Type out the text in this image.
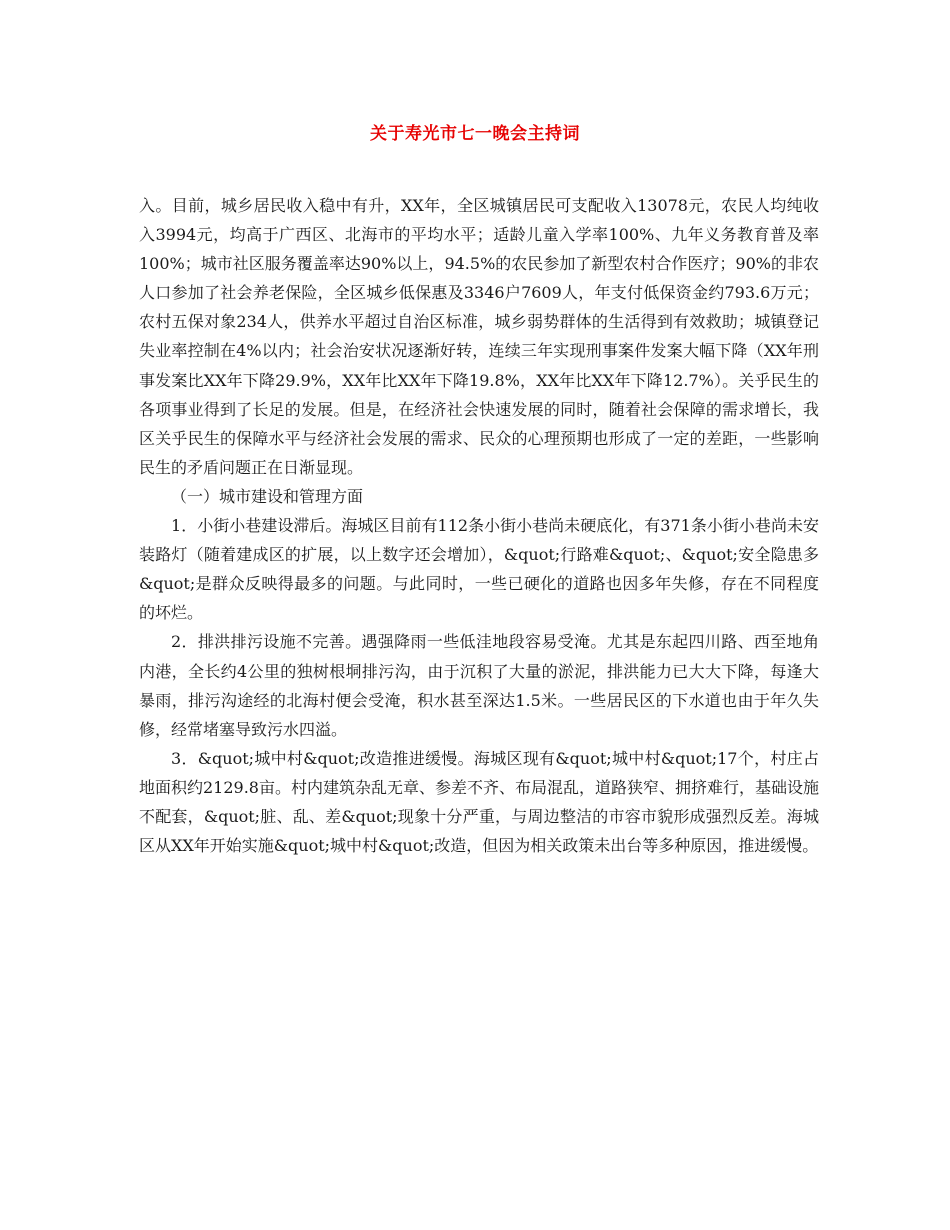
关于寿光市七一晚会主持词

入。目前，城乡居民收入稳中有升，XX年，全区城镇居民可支配收入13078元，农民人均纯收入3994元，均高于广西区、北海市的平均水平；适龄儿童入学率100%、九年义务教育普及率100%；城市社区服务覆盖率达90%以上，94.5%的农民参加了新型农村合作医疗；90%的非农人口参加了社会养老保险，全区城乡低保惠及3346户7609人，年支付低保资金约793.6万元；农村五保对象234人，供养水平超过自治区标准，城乡弱势群体的生活得到有效救助；城镇登记失业率控制在4%以内；社会治安状况逐渐好转，连续三年实现刑事案件发案大幅下降（XX年刑事发案比XX年下降29.9%，XX年比XX年下降19.8%，XX年比XX年下降12.7%）。关乎民生的各项事业得到了长足的发展。但是，在经济社会快速发展的同时，随着社会保障的需求增长，我区关乎民生的保障水平与经济社会发展的需求、民众的心理预期也形成了一定的差距，一些影响民生的矛盾问题正在日渐显现。

（一）城市建设和管理方面

1．小街小巷建设滞后。海城区目前有112条小街小巷尚未硬底化，有371条小街小巷尚未安装路灯（随着建成区的扩展，以上数字还会增加），&quot;行路难&quot;、&quot;安全隐患多&quot;是群众反映得最多的问题。与此同时，一些已硬化的道路也因多年失修，存在不同程度的坏烂。

2．排洪排污设施不完善。遇强降雨一些低洼地段容易受淹。尤其是东起四川路、西至地角内港，全长约4公里的独树根垌排污沟，由于沉积了大量的淤泥，排洪能力已大大下降，每逢大暴雨，排污沟途经的北海村便会受淹，积水甚至深达1.5米。一些居民区的下水道也由于年久失修，经常堵塞导致污水四溢。

3．&quot;城中村&quot;改造推进缓慢。海城区现有&quot;城中村&quot;17个，村庄占地面积约2129.8亩。村内建筑杂乱无章、参差不齐、布局混乱，道路狭窄、拥挤难行，基础设施不配套，&quot;脏、乱、差&quot;现象十分严重，与周边整洁的市容市貌形成强烈反差。海城区从XX年开始实施&quot;城中村&quot;改造，但因为相关政策未出台等多种原因，推进缓慢。
